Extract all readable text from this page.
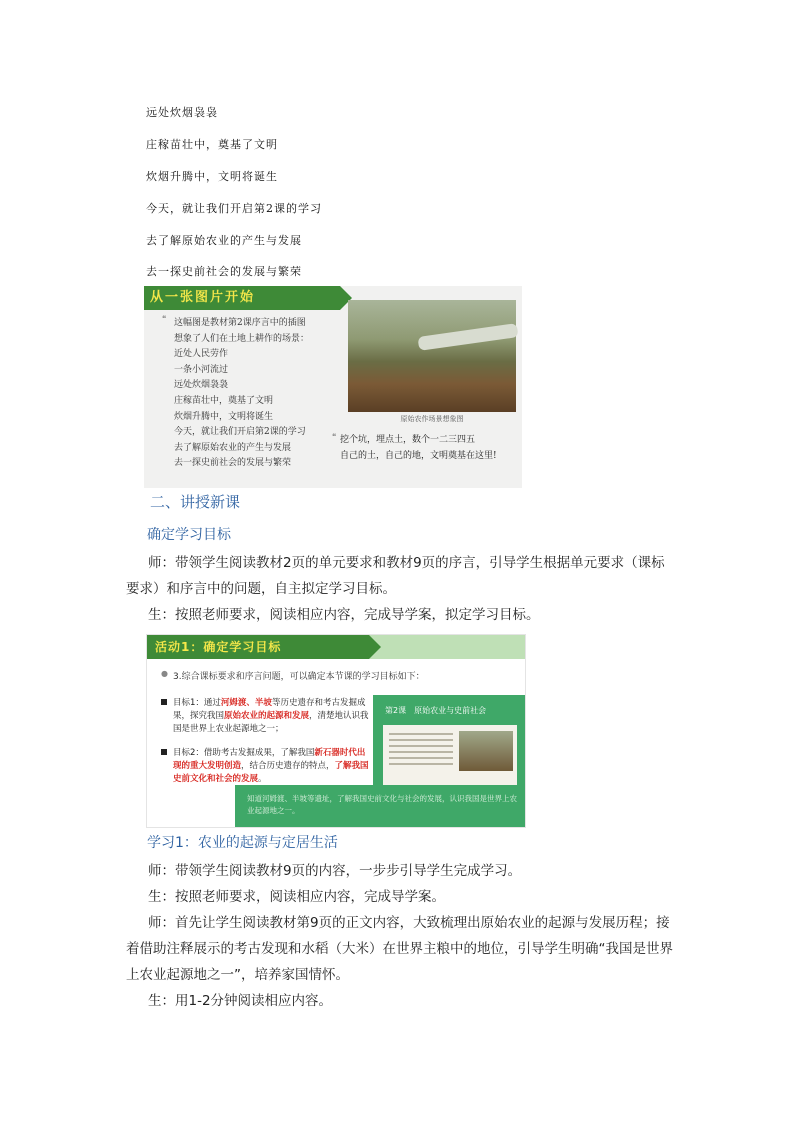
远处炊烟袅袅
庄稼苗壮中，奠基了文明
炊烟升腾中，文明将诞生
今天，就让我们开启第2课的学习
去了解原始农业的产生与发展
去一探史前社会的发展与繁荣
从一张图片开始
❝ 这幅图是教材第2课序言中的插图
想象了人们在土地上耕作的场景：
近处人民劳作
一条小河流过
远处炊烟袅袅
庄稼苗壮中，奠基了文明
炊烟升腾中，文明将诞生
今天，就让我们开启第2课的学习
去了解原始农业的产生与发展
去一探史前社会的发展与繁荣
原始农作场景想象图
❝ 挖个坑，埋点土，数个一二三四五
自己的土，自己的地，文明奠基在这里!
二、讲授新课
确定学习目标
师：带领学生阅读教材2页的单元要求和教材9页的序言，引导学生根据单元要求（课标要求）和序言中的问题，自主拟定学习目标。
生：按照老师要求，阅读相应内容，完成导学案，拟定学习目标。
活动1：确定学习目标
● 3.综合课标要求和序言问题，可以确定本节课的学习目标如下：
目标1：通过河姆渡、半坡等历史遗存和考古发掘成果，探究我国原始农业的起源和发展，清楚地认识我国是世界上农业起源地之一；
目标2：借助考古发掘成果，了解我国新石器时代出现的重大发明创造，结合历史遗存的特点，了解我国史前文化和社会的发展。
第2课　原始农业与史前社会
知道河姆渡、半坡等遗址，了解我国史前文化与社会的发展，认识我国是世界上农业起源地之一。
学习1：农业的起源与定居生活
师：带领学生阅读教材9页的内容，一步步引导学生完成学习。
生：按照老师要求，阅读相应内容，完成导学案。
师：首先让学生阅读教材第9页的正文内容，大致梳理出原始农业的起源与发展历程；接着借助注释展示的考古发现和水稻（大米）在世界主粮中的地位，引导学生明确“我国是世界上农业起源地之一”，培养家国情怀。
生：用1-2分钟阅读相应内容。
